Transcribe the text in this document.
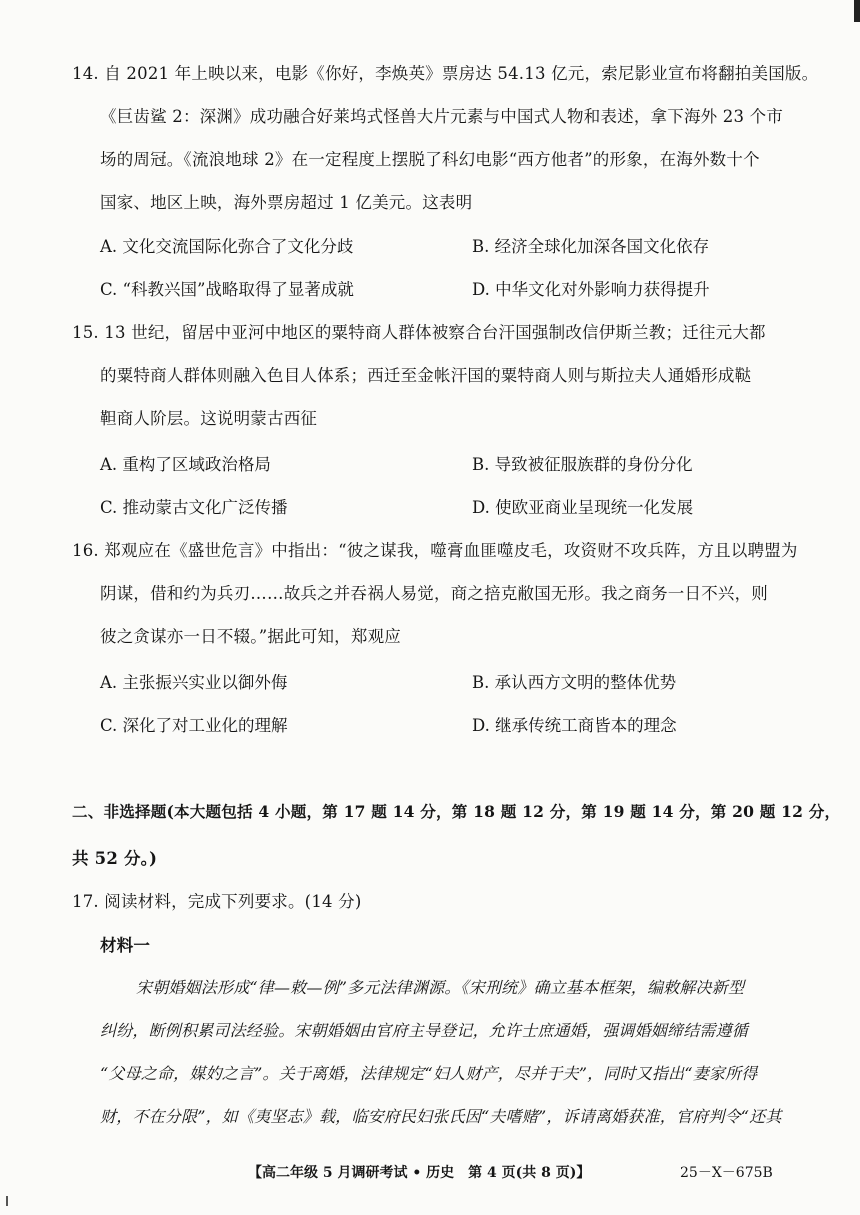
14. 自 2021 年上映以来，电影《你好，李焕英》票房达 54.13 亿元，索尼影业宣布将翻拍美国版。
《巨齿鲨 2：深渊》成功融合好莱坞式怪兽大片元素与中国式人物和表述，拿下海外 23 个市
场的周冠。《流浪地球 2》在一定程度上摆脱了科幻电影“西方他者”的形象，在海外数十个
国家、地区上映，海外票房超过 1 亿美元。这表明
A. 文化交流国际化弥合了文化分歧	B. 经济全球化加深各国文化依存
C. “科教兴国”战略取得了显著成就	D. 中华文化对外影响力获得提升
15. 13 世纪，留居中亚河中地区的粟特商人群体被察合台汗国强制改信伊斯兰教；迁往元大都
的粟特商人群体则融入色目人体系；西迁至金帐汗国的粟特商人则与斯拉夫人通婚形成鞑
靼商人阶层。这说明蒙古西征
A. 重构了区域政治格局	B. 导致被征服族群的身份分化
C. 推动蒙古文化广泛传播	D. 使欧亚商业呈现统一化发展
16. 郑观应在《盛世危言》中指出：“彼之谋我，噬膏血匪噬皮毛，攻资财不攻兵阵，方且以聘盟为
阴谋，借和约为兵刃……故兵之并吞祸人易觉，商之掊克敝国无形。我之商务一日不兴，则
彼之贪谋亦一日不辍。”据此可知，郑观应
A. 主张振兴实业以御外侮	B. 承认西方文明的整体优势
C. 深化了对工业化的理解	D. 继承传统工商皆本的理念
二、非选择题(本大题包括 4 小题，第 17 题 14 分，第 18 题 12 分，第 19 题 14 分，第 20 题 12 分，
共 52 分。)
17. 阅读材料，完成下列要求。(14 分)
材料一
宋朝婚姻法形成“律—敕—例”多元法律渊源。《宋刑统》确立基本框架，编敕解决新型
纠纷，断例积累司法经验。宋朝婚姻由官府主导登记，允许士庶通婚，强调婚姻缔结需遵循
“父母之命，媒妁之言”。关于离婚，法律规定“妇人财产，尽并于夫”，同时又指出“妻家所得
财，不在分限”，如《夷坚志》载，临安府民妇张氏因“夫嗜赌”，诉请离婚获准，官府判令“还其
【高二年级 5 月调研考试 • 历史　第 4 页(共 8 页)】	25－X－675B
